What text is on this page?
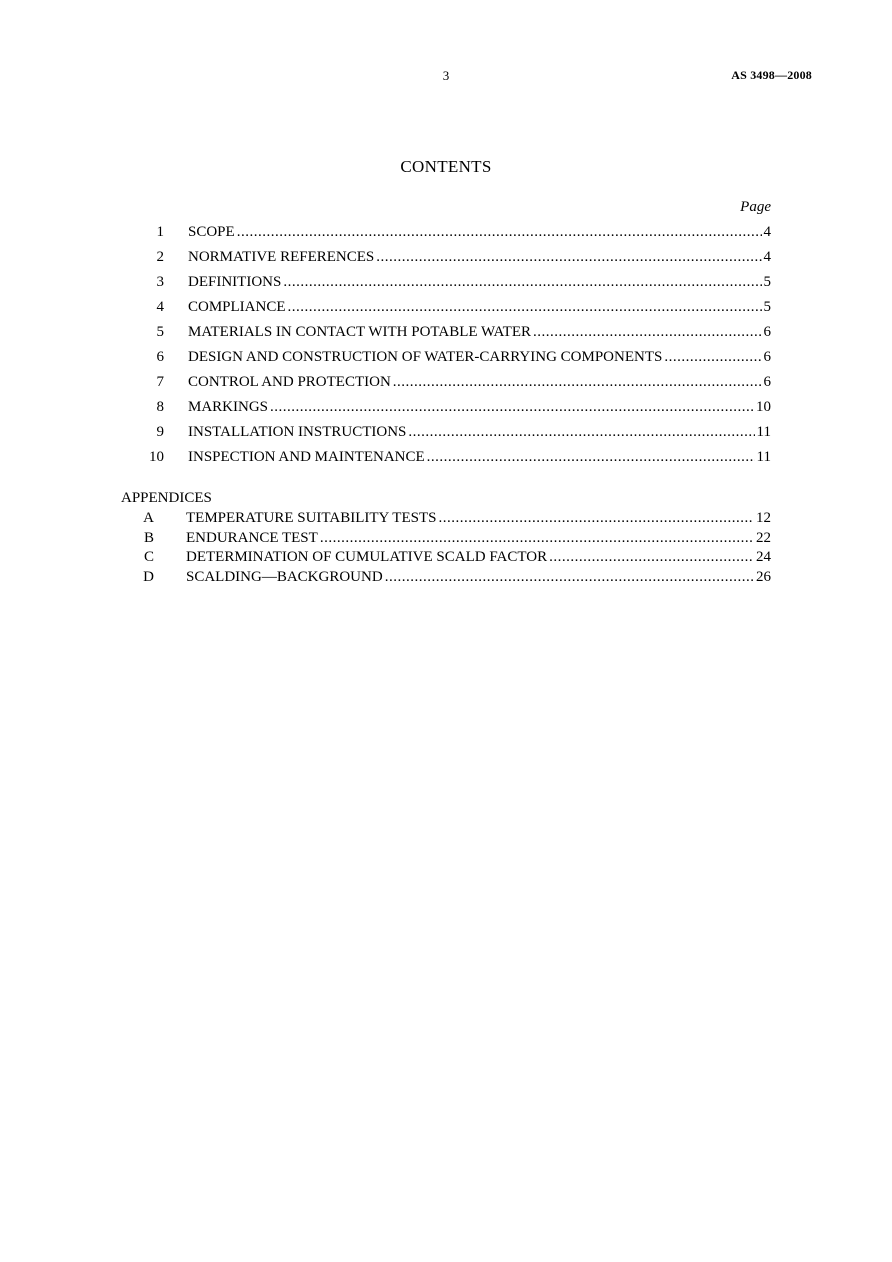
3	AS 3498—2008
CONTENTS
Page
1 SCOPE .....	4
2 NORMATIVE REFERENCES .....	4
3 DEFINITIONS .....	5
4 COMPLIANCE .....	5
5 MATERIALS IN CONTACT WITH POTABLE WATER .....	6
6 DESIGN AND CONSTRUCTION OF WATER-CARRYING COMPONENTS .....	6
7 CONTROL AND PROTECTION .....	6
8 MARKINGS .....	10
9 INSTALLATION INSTRUCTIONS .....	11
10 INSPECTION AND MAINTENANCE .....	11
A TEMPERATURE SUITABILITY TESTS .....	12
B ENDURANCE TEST .....	22
C DETERMINATION OF CUMULATIVE SCALD FACTOR .....	24
D SCALDING—BACKGROUND .....	26
APPENDICES
